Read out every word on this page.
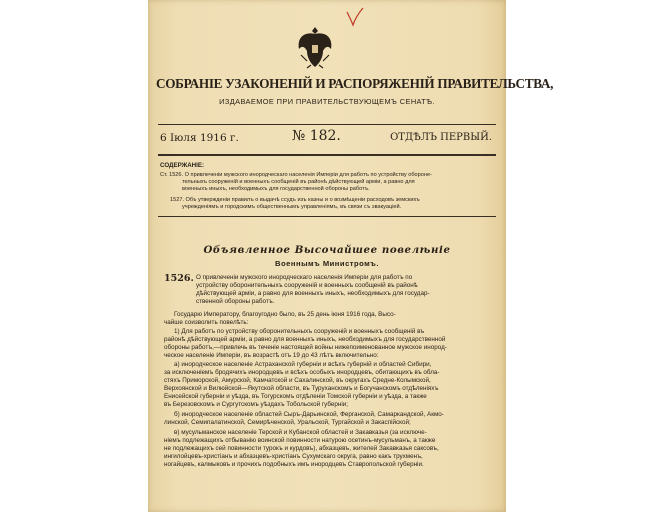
СОБРАНІЕ УЗАКОНЕНІЙ И РАСПОРЯЖЕНІЙ ПРАВИТЕЛЬСТВА,
ИЗДАВАЕМОЕ ПРИ ПРАВИТЕЛЬСТВУЮЩЕМЪ СЕНАТѢ.
6 Іюля 1916 г.	№ 182.	ОТДѢЛЪ ПЕРВЫЙ.
СОДЕРЖАНІЕ:
Ст. 1526. О привлеченіи мужского инородческаго населенія Имперіи для работъ по устройству обороне-
тельныхъ сооруженій и военныхъ сообщеній въ районѣ дѣйствующей арміи, а равно для
военныхъ иныхъ, необходимыхъ для государственной обороны работъ.
1527. Объ утвержденіи правилъ о выдачѣ ссудъ изъ казны и о возмѣщеніи расходовъ земскихъ
учрежденіямъ и городскимъ общественнымъ управленіямъ, въ связи съ эвакуаціей.
Объявленное Высочайшее повелѣніе
Военнымъ Министромъ.
1526. О привлеченіи мужского инородческаго населенія Имперіи для работъ по
устройству оборонительныхъ сооруженій и военныхъ сообщеній въ районѣ
дѣйствующей арміи, а равно для военныхъ иныхъ, необходимыхъ для государ-
ственной обороны работъ.
Государю Императору, благоугодно было, въ 25 день іюня 1916 года, Высо-
чайше соизволить повелѣть:
1) Для работъ по устройству оборонительныхъ сооруженій и военныхъ сообщеній въ
районѣ дѣйствующей арміи, а равно для военныхъ иныхъ, необходимыхъ для государственной
обороны работъ,—привлечь въ теченіе настоящей войны нижепоименованное мужское инород-
ческое населеніе Имперіи, въ возрастѣ отъ 19 до 43 лѣтъ включительно:
а) инородческое населеніе Астраханской губерніи и всѣхъ губерній и областей Сибири,
за исключеніемъ бродячихъ инородцевъ и всѣхъ особыхъ инородцевъ, обитающихъ въ обла-
стяхъ Приморской, Амурской, Камчатской и Сахалинской, въ округахъ Средне-Колымской,
Верхоянской и Вилюйской—Якутской области, въ Туруханскомъ и Богучанскомъ отдѣленіяхъ
Енисейской губерніи и уѣзда, въ Тогурскомъ отдѣленіи Томской губерніи и уѣзда, а также
въ Березовскомъ и Сургутскомъ уѣздахъ Тобольской губерніи;
б) инородческое населеніе областей Сыръ-Дарьинской, Ферганской, Самаркандской, Акмо-
линской, Семипалатинской, Семирѣченской, Уральской, Тургайской и Закаспійской;
в) мусульманское населеніе Терской и Кубанской областей и Закавказья (за исключе-
ніемъ подлежащихъ отбыванію воинской повинности натурою осетинъ-мусульманъ, а также
не подлежащихъ сей повинности турокъ и курдовъ), абхазцевъ, жителей Закавказья саксовъ,
ингилойцевъ-христіанъ и абхазцевъ-христіанъ Сухумскаго округа, равно какъ трухменъ,
ногайцевъ, калмыковъ и прочихъ подобныхъ имъ инородцевъ Ставропольской губерніи.
